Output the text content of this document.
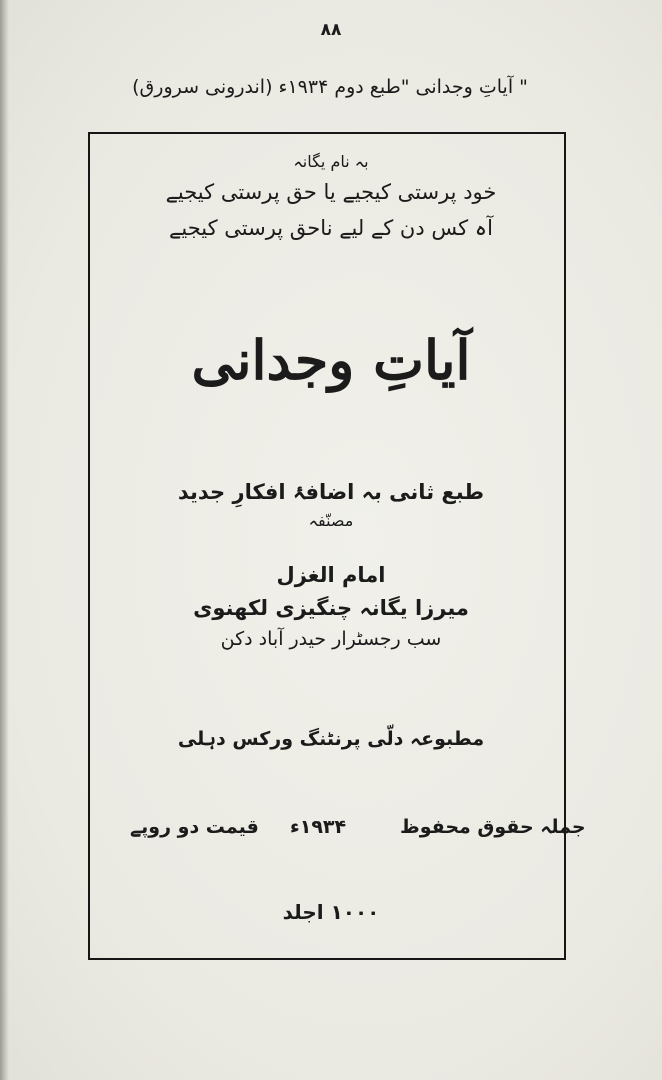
۸۸
" آیاتِ وجدانی "طبع دوم ۱۹۳۴ء (اندرونی سرورق)
بہ نام یگانہ
خود پرستی کیجیے یا حق پرستی کیجیے
آہ کس دن کے لیے ناحق پرستی کیجیے
آیاتِ وجدانی
طبع ثانی بہ اضافۂ افکارِ جدید
مصنّفہ
امام الغزل
میرزا یگانہ چنگیزی لکھنوی
سب رجسٹرار حیدر آباد دکن
مطبوعہ دلّی پرنٹنگ ورکس دہلی
جملہ حقوق محفوظ
۱۹۳۴ء
قیمت دو روپے
۱۰۰۰ اجلد
